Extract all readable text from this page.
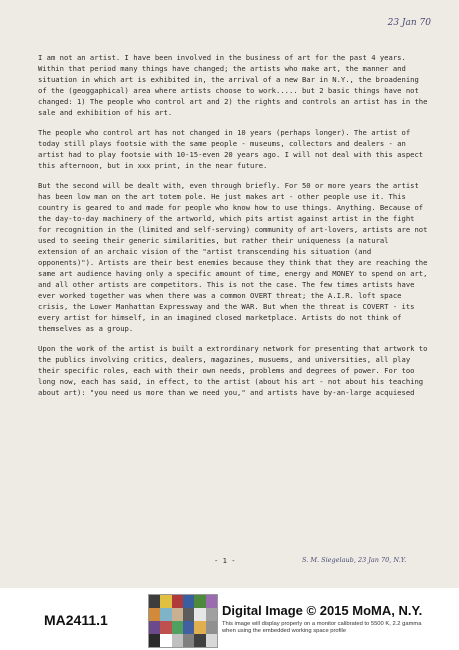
23 Jan 70

I am not an artist. I have been involved in the business of art for the past 4 years. Within that period many things have changed; the artists who make art, the manner and situation in which art is exhibited in, the arrival of a new Bar in N.Y., the broadening of the (geoggaphical) area where artists choose to work..... but 2 basic things have not changed: 1) The people who control art and 2) the rights and controls an artist has in the sale and exhibition of his art.

The people who control art has not changed in 10 years (perhaps longer). The artist of today still plays footsie with the same people - museums, collectors and dealers - an artist had to play footsie with 10-15-even 20 years ago. I will not deal with this aspect this afternoon, but in xxx print, in the near future.

But the second will be dealt with, even through briefly. For 50 or more years the artist has been low man on the art totem pole. He just makes art - other people use it. This country is geared to and made for people who know how to use things. Anything. Because of the day-to-day machinery of the artworld, which pits artist against artist in the fight for recognition in the (limited and self-serving) community of art-lovers, artists are not used to seeing their generic similarities, but rather their uniqueness (a natural extension of an archaic vision of the "artist transcending his situation (and opponents)"). Artists are their best enemies because they think that they are reaching the same art audience having only a specific amount of time, energy and MONEY to spend on art, and all other artists are competitors. This is not the case. The few times artists have ever worked together was when there was a common OVERT threat; the A.I.R. loft space crisis, the Lower Manhattan Expressway and the WAR. But when the threat is COVERT - its every artist for himself, in an imagined closed marketplace. Artists do not think of themselves as a group.

Upon the work of the artist is built a extrordinary network for presenting that artwork to the publics involving critics, dealers, magazines, musuems, and universities, all play their specific roles, each with their own needs, problems and degrees of power. For too long now, each has said, in effect, to the artist (about his art - not about his teaching about art): "you need us more than we need you," and artists have by-an-large acquiesed

- 1 -	S. M. Siegelaub, 23 Jan 70, N.Y.
MA2411.1
Digital Image © 2015 MoMA, N.Y.
This image will display properly on a monitor calibrated to 5500 K, 2.2 gamma when using the embedded working space profile
